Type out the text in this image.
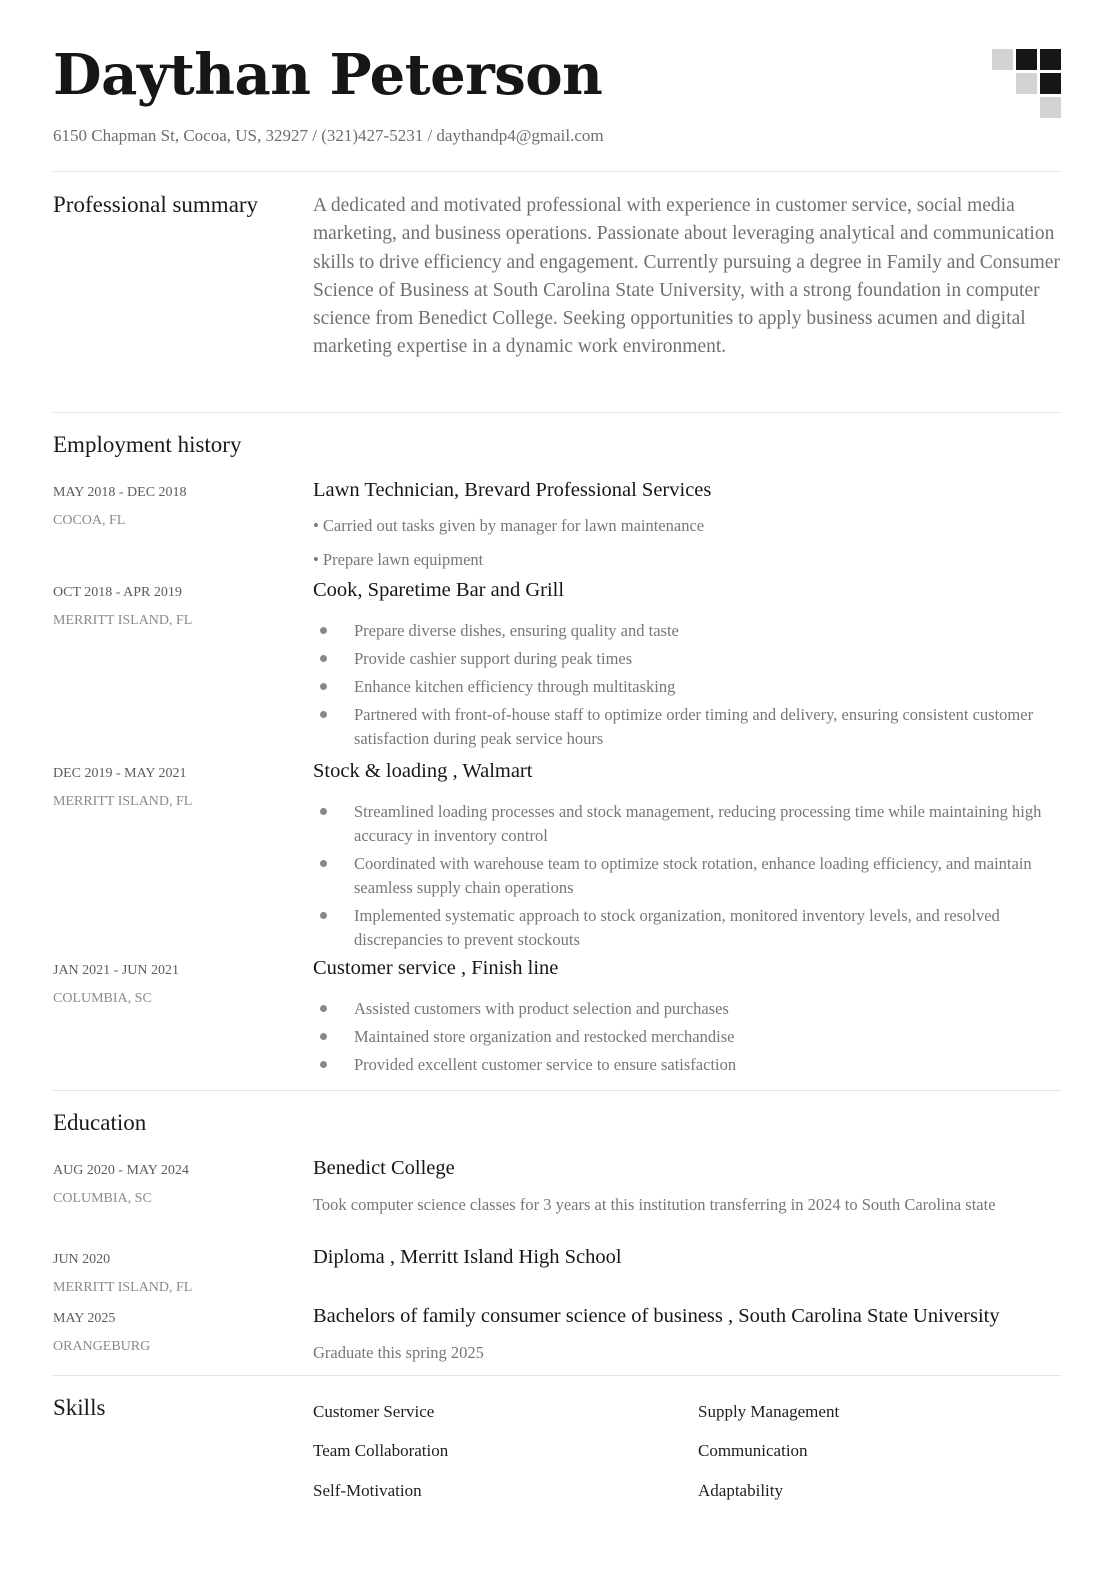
Daythan Peterson
6150 Chapman St, Cocoa, US, 32927 / (321)427-5231 / daythandp4@gmail.com
Professional summary	A dedicated and motivated professional with experience in customer service, social media marketing, and business operations. Passionate about leveraging analytical and communication skills to drive efficiency and engagement. Currently pursuing a degree in Family and Consumer Science of Business at South Carolina State University, with a strong foundation in computer science from Benedict College. Seeking opportunities to apply business acumen and digital marketing expertise in a dynamic work environment.
Employment history
MAY 2018 - DEC 2018
COCOA, FL
Lawn Technician, Brevard Professional Services
• Carried out tasks given by manager for lawn maintenance
• Prepare lawn equipment
OCT 2018 - APR 2019
MERRITT ISLAND, FL
Cook, Sparetime Bar and Grill
Prepare diverse dishes, ensuring quality and taste
Provide cashier support during peak times
Enhance kitchen efficiency through multitasking
Partnered with front-of-house staff to optimize order timing and delivery, ensuring consistent customer satisfaction during peak service hours
DEC 2019 - MAY 2021
MERRITT ISLAND, FL
Stock & loading , Walmart
Streamlined loading processes and stock management, reducing processing time while maintaining high accuracy in inventory control
Coordinated with warehouse team to optimize stock rotation, enhance loading efficiency, and maintain seamless supply chain operations
Implemented systematic approach to stock organization, monitored inventory levels, and resolved discrepancies to prevent stockouts
JAN 2021 - JUN 2021
COLUMBIA, SC
Customer service , Finish line
Assisted customers with product selection and purchases
Maintained store organization and restocked merchandise
Provided excellent customer service to ensure satisfaction
Education
AUG 2020 - MAY 2024
COLUMBIA, SC
Benedict College
Took computer science classes for 3 years at this institution transferring in 2024 to South Carolina state
JUN 2020
MERRITT ISLAND, FL
Diploma , Merritt Island High School
MAY 2025
ORANGEBURG
Bachelors of family consumer science of business , South Carolina State University
Graduate this spring 2025
Skills	Customer Service	Supply Management
Team Collaboration	Communication
Self-Motivation	Adaptability
